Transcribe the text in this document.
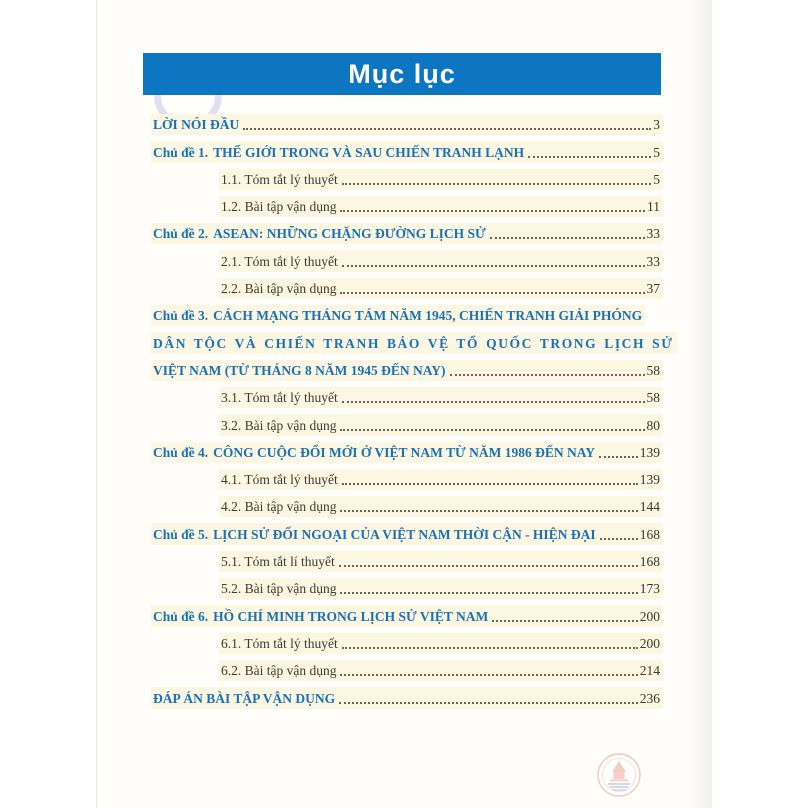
Mục lục
LỜI NÓI ĐẦU	3
Chủ đề 1. THẾ GIỚI TRONG VÀ SAU CHIẾN TRANH LẠNH	5
1.1. Tóm tắt lý thuyết	5
1.2. Bài tập vận dụng	11
Chủ đề 2. ASEAN: NHỮNG CHẶNG ĐƯỜNG LỊCH SỬ	33
2.1. Tóm tắt lý thuyết	33
2.2. Bài tập vận dụng	37
Chủ đề 3. CÁCH MẠNG THÁNG TÁM NĂM 1945, CHIẾN TRANH GIẢI PHÓNG
DÂN TỘC VÀ CHIẾN TRANH BẢO VỆ TỔ QUỐC TRONG LỊCH SỬ
VIỆT NAM (TỪ THÁNG 8 NĂM 1945 ĐẾN NAY)	58
3.1. Tóm tắt lý thuyết	58
3.2. Bài tập vận dụng	80
Chủ đề 4. CÔNG CUỘC ĐỔI MỚI Ở VIỆT NAM TỪ NĂM 1986 ĐẾN NAY	139
4.1. Tóm tắt lý thuyết	139
4.2. Bài tập vận dụng	144
Chủ đề 5. LỊCH SỬ ĐỐI NGOẠI CỦA VIỆT NAM THỜI CẬN - HIỆN ĐẠI	168
5.1. Tóm tắt lí thuyết	168
5.2. Bài tập vận dụng	173
Chủ đề 6. HỒ CHÍ MINH TRONG LỊCH SỬ VIỆT NAM	200
6.1. Tóm tắt lý thuyết	200
6.2. Bài tập vận dụng	214
ĐÁP ÁN BÀI TẬP VẬN DỤNG	236
